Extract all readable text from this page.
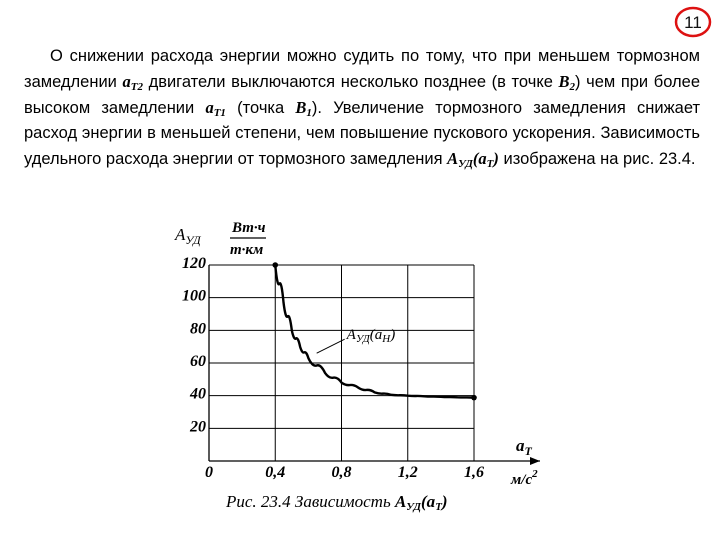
11

О снижении расхода энергии можно судить по тому, что при меньшем тормозном замедлении $a_{T2}$ двигатели выключаются несколько позднее (в точке $B_2$) чем при более высоком замедлении $a_{T1}$ (точка $B_1$). Увеличение тормозного замедления снижает расход энергии в меньшей степени, чем повышение пускового ускорения. Зависимость удельного расхода энергии от тормозного замедления $A_{УД}(a_T)$ изображена на рис. 23.4.

20
40
60
80
100
120
0	0,4	0,8	1,2	1,6
$A_{УД}$
Вт·ч
т·км
$a_T$
$м/с^2$
$A_{УД}(a_Н)$
Рис. 23.4 Зависимость $A_{УД}(a_T)$
